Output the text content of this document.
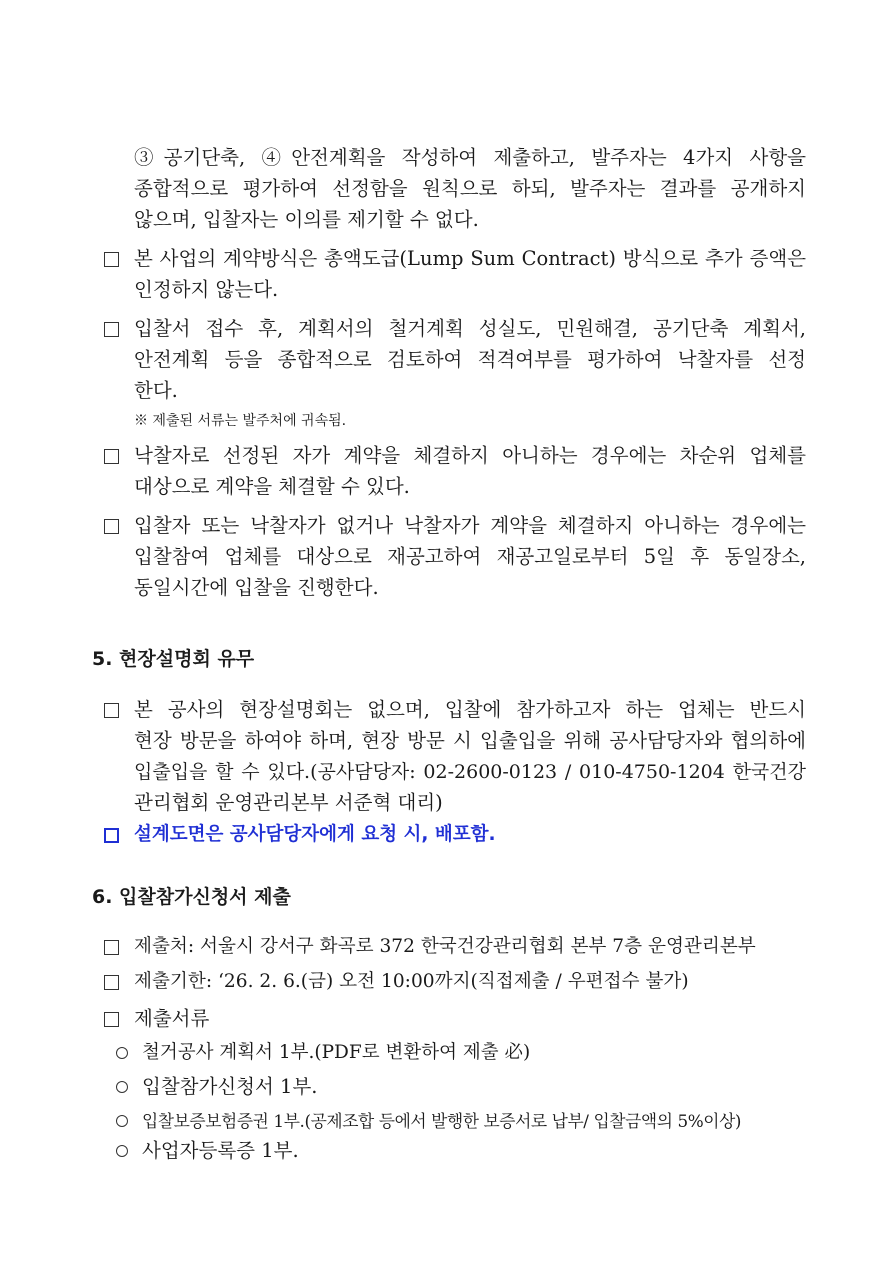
③공기단축, ④안전계획을 작성하여 제출하고, 발주자는 4가지 사항을
종합적으로 평가하여 선정함을 원칙으로 하되, 발주자는 결과를 공개하지
않으며, 입찰자는 이의를 제기할 수 없다.
본 사업의 계약방식은 총액도급(Lump Sum Contract) 방식으로 추가 증액은
인정하지 않는다.
입찰서 접수 후, 계획서의 철거계획 성실도, 민원해결, 공기단축 계획서,
안전계획 등을 종합적으로 검토하여 적격여부를 평가하여 낙찰자를 선정
한다.
※ 제출된 서류는 발주처에 귀속됨.
낙찰자로 선정된 자가 계약을 체결하지 아니하는 경우에는 차순위 업체를
대상으로 계약을 체결할 수 있다.
입찰자 또는 낙찰자가 없거나 낙찰자가 계약을 체결하지 아니하는 경우에는
입찰참여 업체를 대상으로 재공고하여 재공고일로부터 5일 후 동일장소,
동일시간에 입찰을 진행한다.
5. 현장설명회 유무
본 공사의 현장설명회는 없으며, 입찰에 참가하고자 하는 업체는 반드시
현장 방문을 하여야 하며, 현장 방문 시 입출입을 위해 공사담당자와 협의하에
입출입을 할 수 있다.(공사담당자: 02-2600-0123 / 010-4750-1204 한국건강
관리협회 운영관리본부 서준혁 대리)
설계도면은 공사담당자에게 요청 시, 배포함.
6. 입찰참가신청서 제출
제출처: 서울시 강서구 화곡로 372 한국건강관리협회 본부 7층 운영관리본부
제출기한: ‘26. 2. 6.(금) 오전 10:00까지(직접제출 / 우편접수 불가)
제출서류
철거공사 계획서 1부.(PDF로 변환하여 제출 必)
입찰참가신청서 1부.
입찰보증보험증권 1부.(공제조합 등에서 발행한 보증서로 납부/ 입찰금액의 5%이상)
사업자등록증 1부.
